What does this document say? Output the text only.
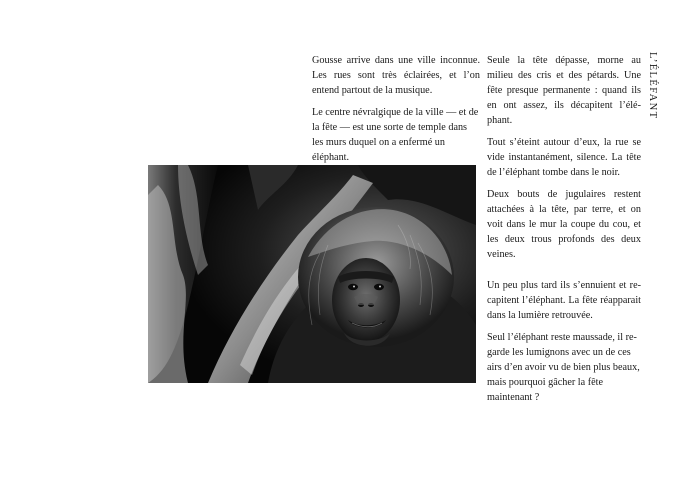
L’ÉLÉFANT

Gousse arrive dans une ville inconnue. Les rues sont très éclairées, et l’on entend partout de la musique.

Le centre névralgique de la ville — et de la fête — est une sorte de temple dans les murs duquel on a enfermé un éléphant.

Seule la tête dépasse, morne au milieu des cris et des pétards. Une fête presque permanente : quand ils en ont assez, ils décapitent l’éléphant.

Tout s’éteint autour d’eux, la rue se vide instantanément, silence. La tête de l’éléphant tombe dans le noir.

Deux bouts de jugulaires restent attachées à la tête, par terre, et on voit dans le mur la coupe du cou, et les deux trous profonds des deux veines.

Un peu plus tard ils s’ennuient et recapitent l’éléphant. La fête réapparait dans la lumière retrouvée.

Seul l’éléphant reste maussade, il regarde les lumignons avec un de ces airs d’en avoir vu de bien plus beaux, mais pourquoi gâcher la fête maintenant ?
